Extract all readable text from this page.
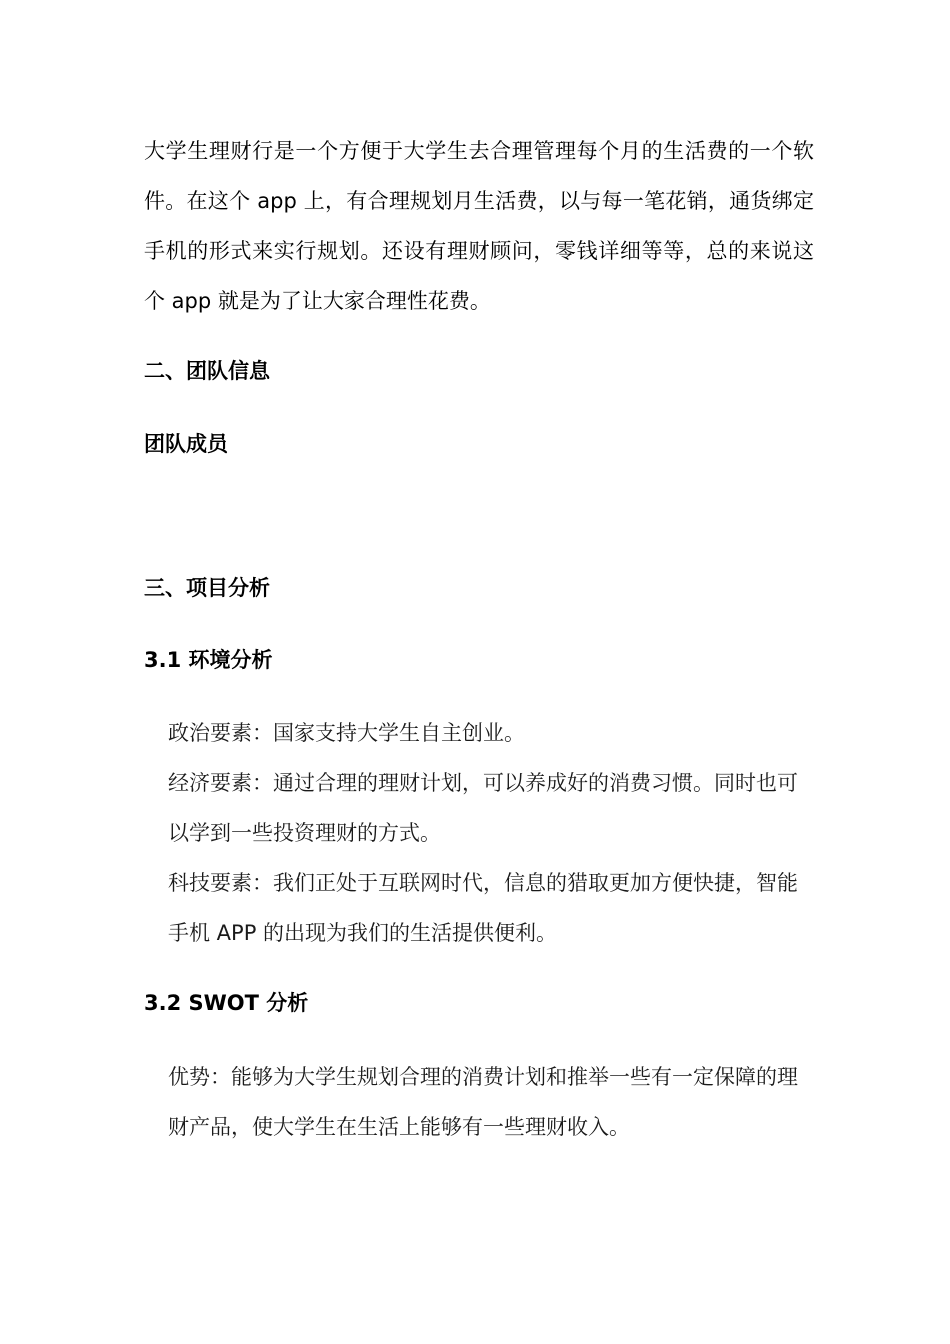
大学生理财行是一个方便于大学生去合理管理每个月的生活费的一个软件。在这个 app 上，有合理规划月生活费，以与每一笔花销，通货绑定手机的形式来实行规划。还设有理财顾问，零钱详细等等，总的来说这个 app 就是为了让大家合理性花费。

二、团队信息
团队成员
三、项目分析
3.1 环境分析

政治要素：国家支持大学生自主创业。

经济要素：通过合理的理财计划，可以养成好的消费习惯。同时也可以学到一些投资理财的方式。

科技要素：我们正处于互联网时代，信息的猎取更加方便快捷，智能手机 APP 的出现为我们的生活提供便利。

3.2 SWOT 分析

优势：能够为大学生规划合理的消费计划和推举一些有一定保障的理财产品，使大学生在生活上能够有一些理财收入。
